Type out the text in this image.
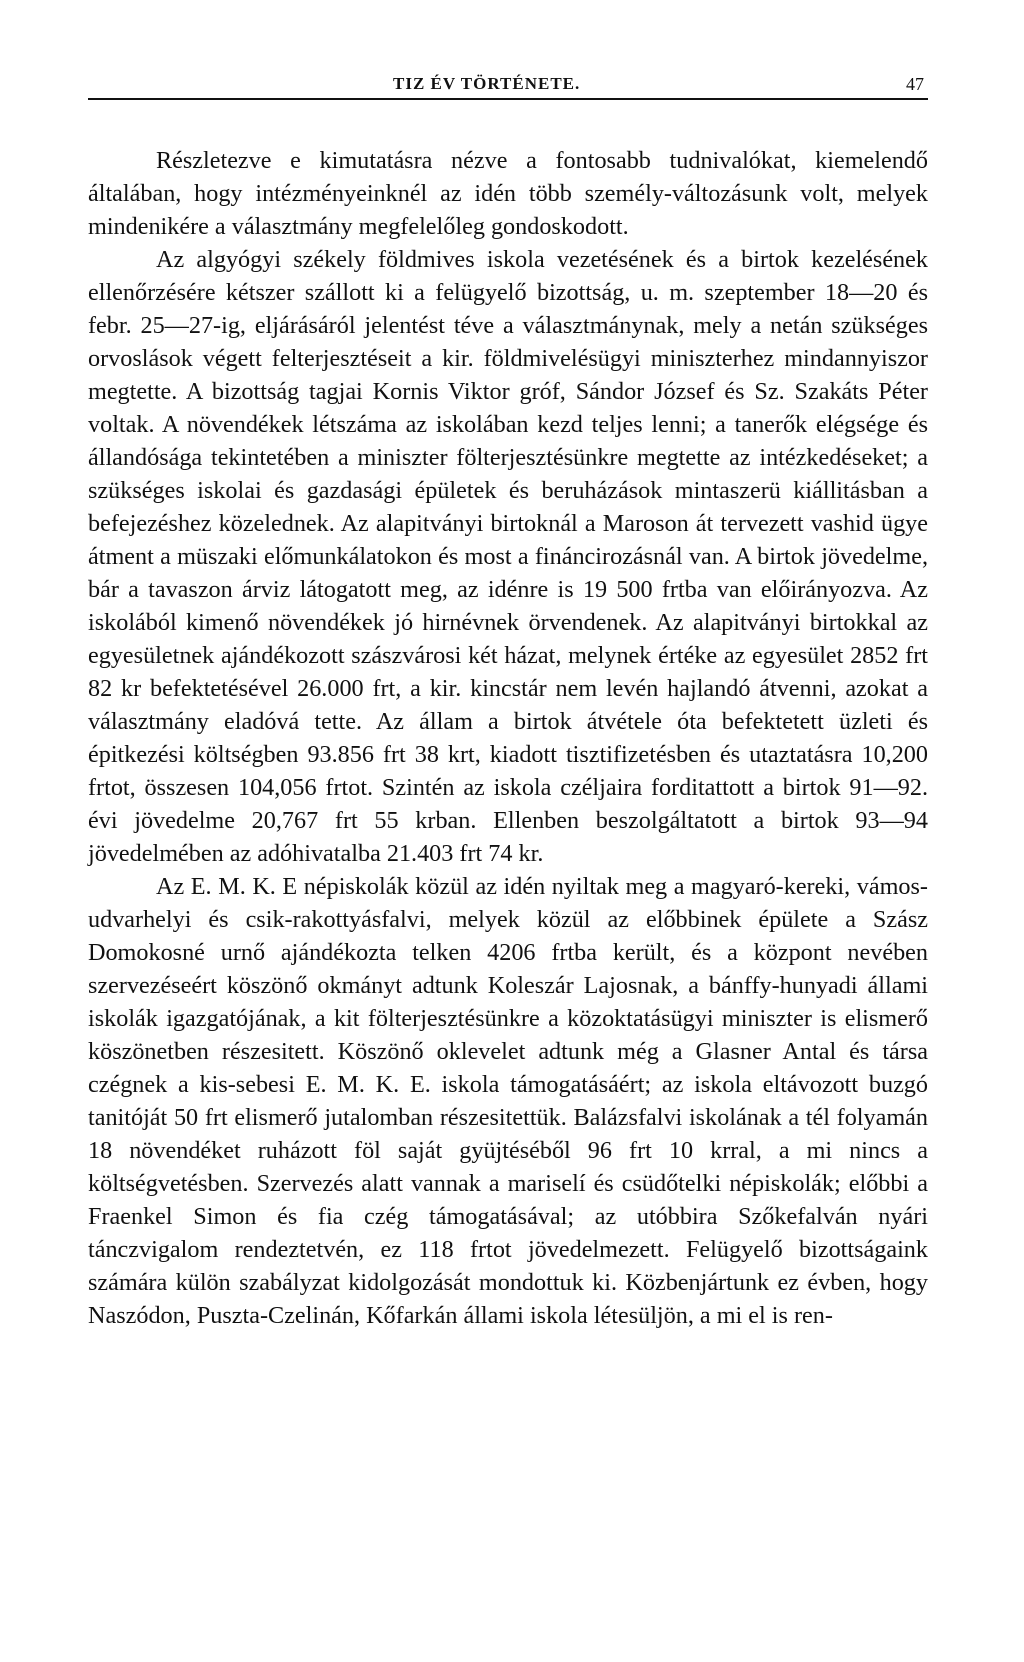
TIZ ÉV TÖRTÉNETE.	47

Részletezve e kimutatásra nézve a fontosabb tudnivalókat, kiemelendő általában, hogy intézményeinknél az idén több személy-változásunk volt, melyek mindenikére a választmány megfelelőleg gondoskodott.

Az algyógyi székely földmives iskola vezetésének és a birtok kezelésének ellenőrzésére kétszer szállott ki a felügyelő bizottság, u. m. szeptember 18—20 és febr. 25—27-ig, eljárásáról jelentést téve a választmánynak, mely a netán szükséges orvoslások végett felterjesztéseit a kir. földmivelésügyi miniszterhez mindannyiszor megtette. A bizottság tagjai Kornis Viktor gróf, Sándor József és Sz. Szakáts Péter voltak. A növendékek létszáma az iskolában kezd teljes lenni; a tanerők elégsége és állandósága tekintetében a miniszter fölterjesztésünkre megtette az intézkedéseket; a szükséges iskolai és gazdasági épületek és beruházások mintaszerü kiállitásban a befejezéshez közelednek. Az alapitványi birtoknál a Maroson át tervezett vashid ügye átment a müszaki előmunkálatokon és most a fináncirozásnál van. A birtok jövedelme, bár a tavaszon árviz látogatott meg, az idénre is 19 500 frtba van előirányozva. Az iskolából kimenő növendékek jó hirnévnek örvendenek. Az alapitványi birtokkal az egyesületnek ajándékozott szászvárosi két házat, melynek értéke az egyesület 2852 frt 82 kr befektetésével 26.000 frt, a kir. kincstár nem levén hajlandó átvenni, azokat a választmány eladóvá tette. Az állam a birtok átvétele óta befektetett üzleti és épitkezési költségben 93.856 frt 38 krt, kiadott tisztifizetésben és utaztatásra 10,200 frtot, összesen 104,056 frtot. Szintén az iskola czéljaira forditattott a birtok 91—92. évi jövedelme 20,767 frt 55 krban. Ellenben beszolgáltatott a birtok 93—94 jövedelmében az adóhivatalba 21.403 frt 74 kr.

Az E. M. K. E népiskolák közül az idén nyiltak meg a magyaró-kereki, vámos-udvarhelyi és csik-rakottyásfalvi, melyek közül az előbbinek épülete a Szász Domokosné urnő ajándékozta telken 4206 frtba került, és a központ nevében szervezéseért köszönő okmányt adtunk Koleszár Lajosnak, a bánffy-hunyadi állami iskolák igazgatójának, a kit fölterjesztésünkre a közoktatásügyi miniszter is elismerő köszönetben részesitett. Köszönő oklevelet adtunk még a Glasner Antal és társa czégnek a kis-sebesi E. M. K. E. iskola támogatásáért; az iskola eltávozott buzgó tanitóját 50 frt elismerő jutalomban részesitettük. Balázsfalvi iskolának a tél folyamán 18 növendéket ruházott föl saját gyüjtéséből 96 frt 10 krral, a mi nincs a költségvetésben. Szervezés alatt vannak a mariselí és csüdőtelki népiskolák; előbbi a Fraenkel Simon és fia czég támogatásával; az utóbbira Szőkefalván nyári tánczvigalom rendeztetvén, ez 118 frtot jövedelmezett. Felügyelő bizottságaink számára külön szabályzat kidolgozását mondottuk ki. Közbenjártunk ez évben, hogy Naszódon, Puszta-Czelinán, Kőfarkán állami iskola létesüljön, a mi el is ren-
